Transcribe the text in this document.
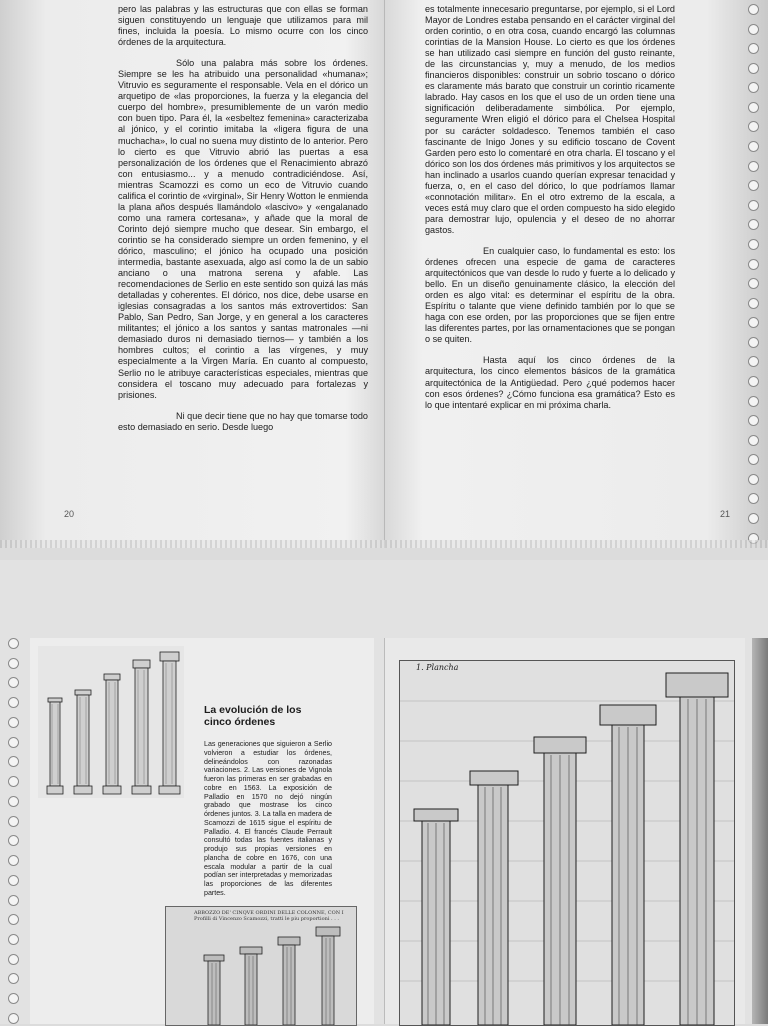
pero las palabras y las estructuras que con ellas se forman siguen constituyendo un lenguaje que utilizamos para mil fines, incluida la poesía. Lo mismo ocurre con los cinco órdenes de la arquitectura.

Sólo una palabra más sobre los órdenes. Siempre se les ha atribuido una personalidad «humana»; Vitruvio es seguramente el responsable. Vela en el dórico un arquetipo de «las proporciones, la fuerza y la elegancia del cuerpo del hombre», presumiblemente de un varón medio con buen tipo. Para él, la «esbeltez femenina» caracterizaba al jónico, y el corintio imitaba la «ligera figura de una muchacha», lo cual no suena muy distinto de lo anterior. Pero lo cierto es que Vitruvio abrió las puertas a esa personalización de los órdenes que el Renacimiento abrazó con entusiasmo... y a menudo contradiciéndose. Así, mientras Scamozzi es como un eco de Vitruvio cuando califica el corintio de «virginal», Sir Henry Wotton le enmienda la plana años después llamándolo «lascivo» y «engalanado como una ramera cortesana», y añade que la moral de Corinto dejó siempre mucho que desear. Sin embargo, el corintio se ha considerado siempre un orden femenino, y el dórico, masculino; el jónico ha ocupado una posición intermedia, bastante asexuada, algo así como la de un sabio anciano o una matrona serena y afable. Las recomendaciones de Serlio en este sentido son quizá las más detalladas y coherentes. El dórico, nos dice, debe usarse en iglesias consagradas a los santos más extrovertidos: San Pablo, San Pedro, San Jorge, y en general a los caracteres militantes; el jónico a los santos y santas matronales —ni demasiado duros ni demasiado tiernos— y también a los hombres cultos; el corintio a las vírgenes, y muy especialmente a la Virgen María. En cuanto al compuesto, Serlio no le atribuye características especiales, mientras que considera el toscano muy adecuado para fortalezas y prisiones.

Ni que decir tiene que no hay que tomarse todo esto demasiado en serio. Desde luego

es totalmente innecesario preguntarse, por ejemplo, si el Lord Mayor de Londres estaba pensando en el carácter virginal del orden corintio, o en otra cosa, cuando encargó las columnas corintias de la Mansion House. Lo cierto es que los órdenes se han utilizado casi siempre en función del gusto reinante, de las circunstancias y, muy a menudo, de los medios financieros disponibles: construir un sobrio toscano o dórico es claramente más barato que construir un corintio ricamente labrado. Hay casos en los que el uso de un orden tiene una significación deliberadamente simbólica. Por ejemplo, seguramente Wren eligió el dórico para el Chelsea Hospital por su carácter soldadesco. Tenemos también el caso fascinante de Inigo Jones y su edificio toscano de Covent Garden pero esto lo comentaré en otra charla. El toscano y el dórico son los dos órdenes más primitivos y los arquitectos se han inclinado a usarlos cuando querían expresar tenacidad y fuerza, o, en el caso del dórico, lo que podríamos llamar «connotación militar». En el otro extremo de la escala, a veces está muy claro que el orden compuesto ha sido elegido para demostrar lujo, opulencia y el deseo de no ahorrar gastos.

En cualquier caso, lo fundamental es esto: los órdenes ofrecen una especie de gama de caracteres arquitectónicos que van desde lo rudo y fuerte a lo delicado y bello. En un diseño genuinamente clásico, la elección del orden es algo vital: es determinar el espíritu de la obra. Espíritu o talante que viene definido también por lo que se haga con ese orden, por las proporciones que se fijen entre las diferentes partes, por las ornamentaciones que se pongan o se quiten.

Hasta aquí los cinco órdenes de la arquitectura, los cinco elementos básicos de la gramática arquitectónica de la Antigüedad. Pero ¿qué podemos hacer con esos órdenes? ¿Cómo funciona esa gramática? Esto es lo que intentaré explicar en mi próxima charla.

20	21
La evolución de los cinco órdenes
Las generaciones que siguieron a Serlio volvieron a estudiar los órdenes, delineándolos con razonadas variaciones. 2. Las versiones de Vignola fueron las primeras en ser grabadas en cobre en 1563. La exposición de Palladio en 1570 no dejó ningún grabado que mostrase los cinco órdenes juntos. 3. La talla en madera de Scamozzi de 1615 sigue el espíritu de Palladio. 4. El francés Claude Perrault consultó todas las fuentes italianas y produjo sus propias versiones en plancha de cobre en 1676, con una escala modular a partir de la cual podían ser interpretadas y memorizadas las proporciones de las diferentes partes.
ABBOZZO DE' CINQVE ORDINI DELLE COLONNE, CON I Profilli di Vincenzo Scamozzi, tratti le piu proportioni . . .
1. Plancha
